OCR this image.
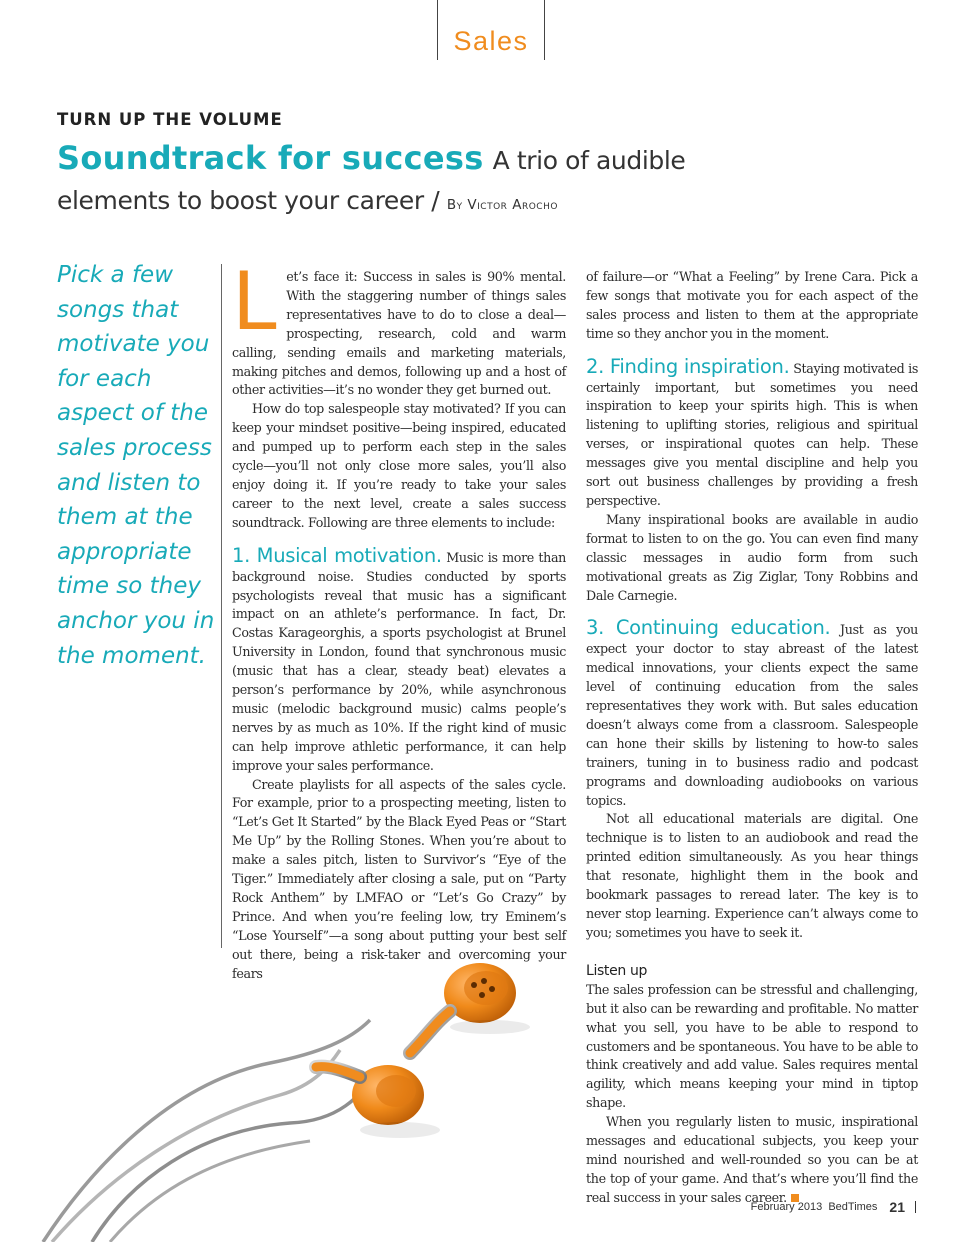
Sales
TURN UP THE VOLUME
Soundtrack for success A trio of audible
elements to boost your career / By Victor Arocho
Pick a few songs that motivate you for each aspect of the sales process and listen to them at the appropriate time so they anchor you in the moment.

Let’s face it: Success in sales is 90% mental. With the staggering number of things sales representatives have to do to close a deal—prospecting, research, cold and warm calling, sending emails and marketing materials, making pitches and demos, following up and a host of other activities—it’s no wonder they get burned out.

How do top salespeople stay motivated? If you can keep your mindset positive—being inspired, educated and pumped up to perform each step in the sales cycle—you’ll not only close more sales, you’ll also enjoy doing it. If you’re ready to take your sales career to the next level, create a sales success soundtrack. Following are three elements to include:

1. Musical motivation. Music is more than background noise. Studies conducted by sports psychologists reveal that music has a significant impact on an athlete’s performance. In fact, Dr. Costas Karageorghis, a sports psychologist at Brunel University in London, found that synchronous music (music that has a clear, steady beat) elevates a person’s performance by 20%, while asynchronous music (melodic background music) calms people’s nerves by as much as 10%. If the right kind of music can help improve athletic performance, it can help improve your sales performance.

Create playlists for all aspects of the sales cycle. For example, prior to a prospecting meeting, listen to “Let’s Get It Started” by the Black Eyed Peas or “Start Me Up” by the Rolling Stones. When you’re about to make a sales pitch, listen to Survivor’s “Eye of the Tiger.” Immediately after closing a sale, put on “Party Rock Anthem” by LMFAO or “Let’s Go Crazy” by Prince. And when you’re feeling low, try Eminem’s “Lose Yourself”—a song about putting your best self out there, being a risk-taker and overcoming your fears

of failure—or “What a Feeling” by Irene Cara. Pick a few songs that motivate you for each aspect of the sales process and listen to them at the appropriate time so they anchor you in the moment.

2. Finding inspiration. Staying motivated is certainly important, but sometimes you need inspiration to keep your spirits high. This is when listening to uplifting stories, religious and spiritual verses, or inspirational quotes can help. These messages give you mental discipline and help you sort out business challenges by providing a fresh perspective.

Many inspirational books are available in audio format to listen to on the go. You can even find many classic messages in audio form from such motivational greats as Zig Ziglar, Tony Robbins and Dale Carnegie.

3. Continuing education. Just as you expect your doctor to stay abreast of the latest medical innovations, your clients expect the same level of continuing education from the sales representatives they work with. But sales education doesn’t always come from a classroom. Salespeople can hone their skills by listening to how-to sales trainers, tuning in to business radio and podcast programs and downloading audiobooks on various topics.

Not all educational materials are digital. One technique is to listen to an audiobook and read the printed edition simultaneously. As you hear things that resonate, highlight them in the book and bookmark passages to reread later. The key is to never stop learning. Experience can’t always come to you; sometimes you have to seek it.

Listen up

The sales profession can be stressful and challenging, but it also can be rewarding and profitable. No matter what you sell, you have to be able to respond to customers and be spontaneous. You have to be able to think creatively and add value. Sales requires mental agility, which means keeping your mind in tiptop shape.

When you regularly listen to music, inspirational messages and educational subjects, you keep your mind nourished and well-rounded so you can be at the top of your game. And that’s where you’ll find the real success in your sales career.

February 2013
BedTimes 21
